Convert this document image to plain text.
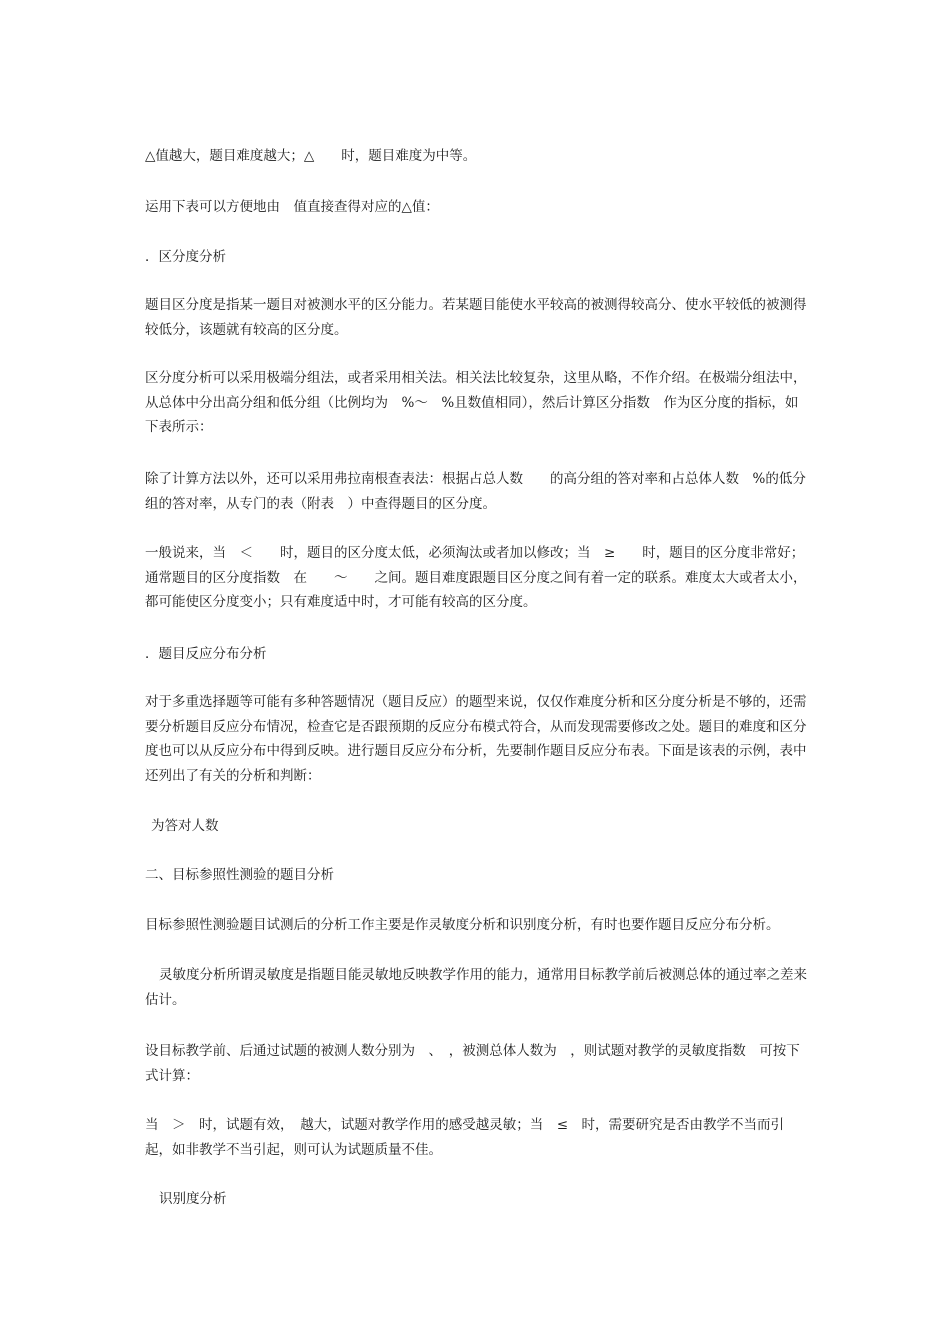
△值越大，题目难度越大；△　　时，题目难度为中等。

运用下表可以方便地由　值直接查得对应的△值：

．区分度分析

题目区分度是指某一题目对被测水平的区分能力。若某题目能使水平较高的被测得较高分、使水平较低的被测得较低分，该题就有较高的区分度。

区分度分析可以采用极端分组法，或者采用相关法。相关法比较复杂，这里从略，不作介绍。在极端分组法中，从总体中分出高分组和低分组（比例均为　%～　%且数值相同），然后计算区分指数　作为区分度的指标，如下表所示：

除了计算方法以外，还可以采用弗拉南根查表法：根据占总人数　　的高分组的答对率和占总体人数　%的低分组的答对率，从专门的表（附表　）中查得题目的区分度。

一般说来，当　＜　　时，题目的区分度太低，必须淘汰或者加以修改；当　≥　　时，题目的区分度非常好；通常题目的区分度指数　在　　～　　之间。题目难度跟题目区分度之间有着一定的联系。难度太大或者太小，都可能使区分度变小；只有难度适中时，才可能有较高的区分度。

．题目反应分布分析

对于多重选择题等可能有多种答题情况（题目反应）的题型来说，仅仅作难度分析和区分度分析是不够的，还需要分析题目反应分布情况，检查它是否跟预期的反应分布模式符合，从而发现需要修改之处。题目的难度和区分度也可以从反应分布中得到反映。进行题目反应分布分析，先要制作题目反应分布表。下面是该表的示例，表中还列出了有关的分析和判断：

为答对人数

二、目标参照性测验的题目分析

目标参照性测验题目试测后的分析工作主要是作灵敏度分析和识别度分析，有时也要作题目反应分布分析。

灵敏度分析所谓灵敏度是指题目能灵敏地反映教学作用的能力，通常用目标教学前后被测总体的通过率之差来估计。

设目标教学前、后通过试题的被测人数分别为　、　，被测总体人数为　，则试题对教学的灵敏度指数　可按下式计算：

当　＞　时，试题有效，　越大，试题对教学作用的感受越灵敏；当　≤　时，需要研究是否由教学不当而引起，如非教学不当引起，则可认为试题质量不佳。

识别度分析
